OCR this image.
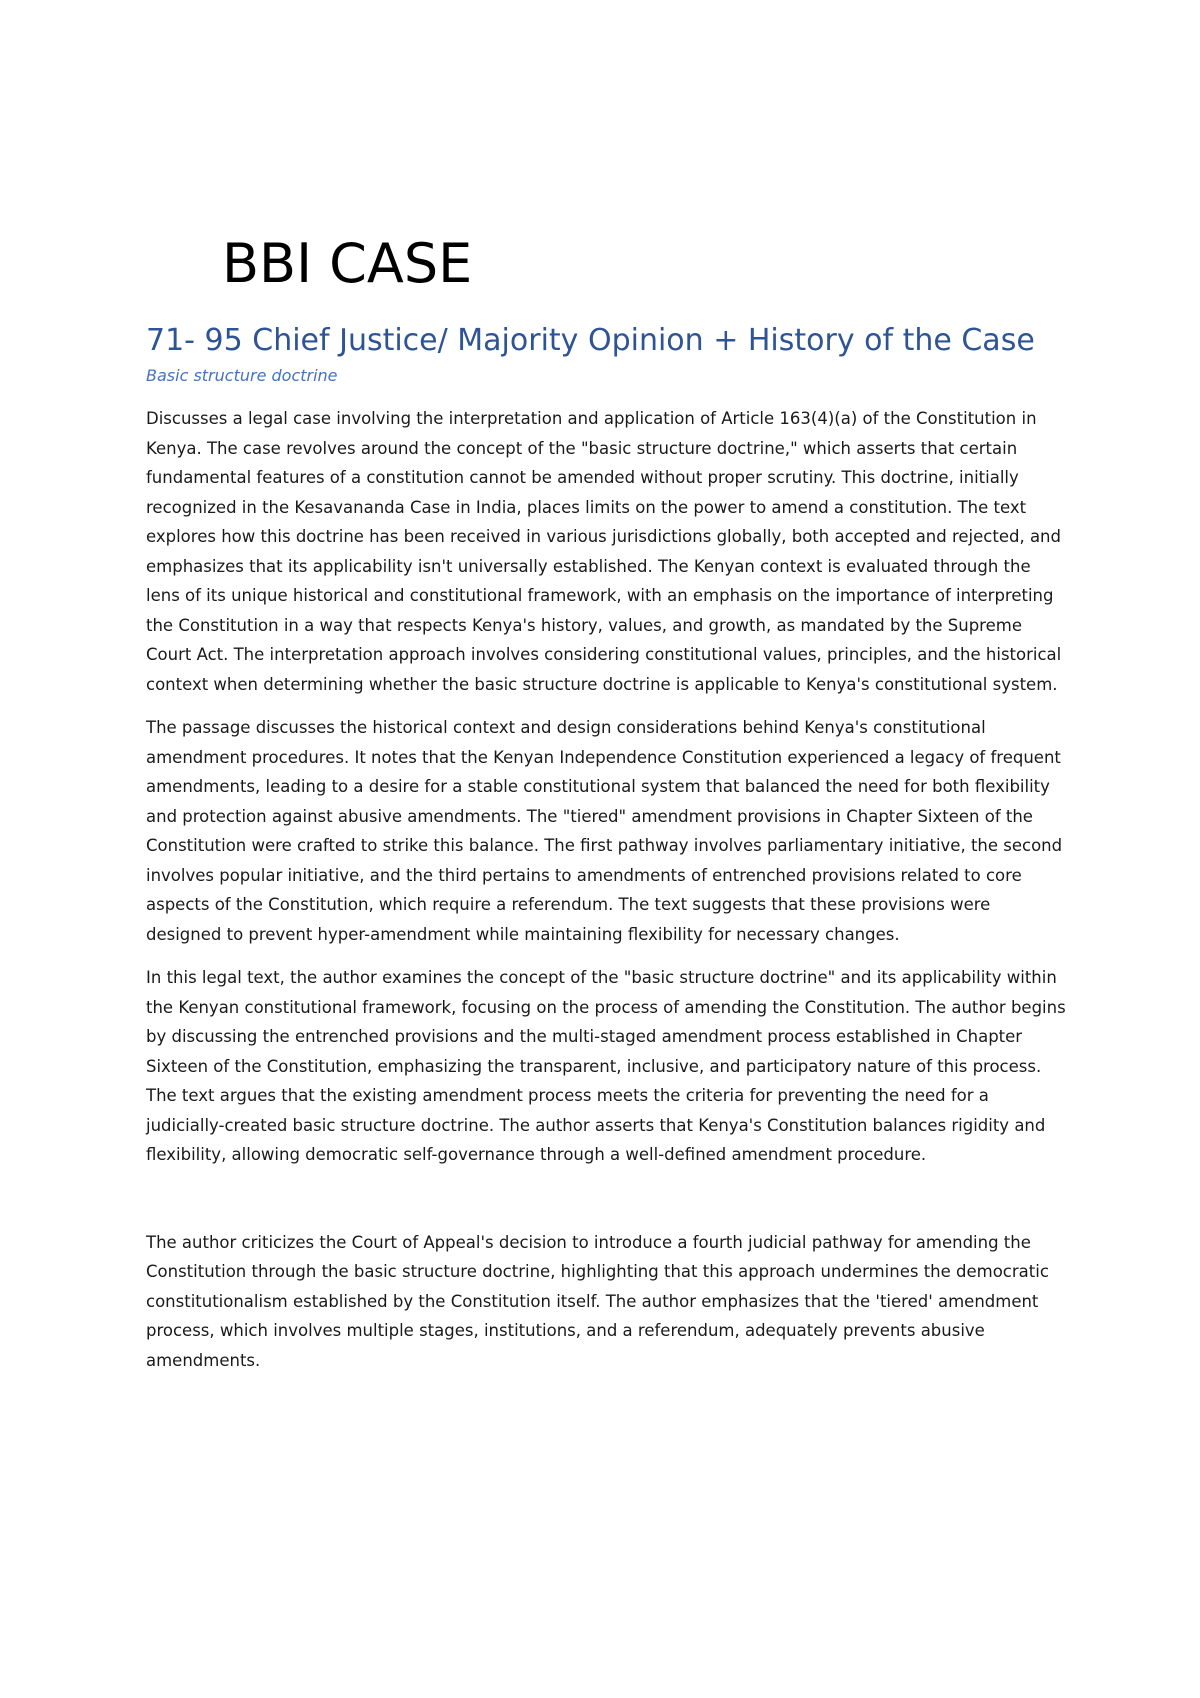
BBI CASE
71- 95 Chief Justice/ Majority Opinion + History of the Case

Basic structure doctrine

Discusses a legal case involving the interpretation and application of Article 163(4)(a) of the Constitution in Kenya. The case revolves around the concept of the "basic structure doctrine," which asserts that certain fundamental features of a constitution cannot be amended without proper scrutiny. This doctrine, initially recognized in the Kesavananda Case in India, places limits on the power to amend a constitution. The text explores how this doctrine has been received in various jurisdictions globally, both accepted and rejected, and emphasizes that its applicability isn't universally established. The Kenyan context is evaluated through the lens of its unique historical and constitutional framework, with an emphasis on the importance of interpreting the Constitution in a way that respects Kenya's history, values, and growth, as mandated by the Supreme Court Act. The interpretation approach involves considering constitutional values, principles, and the historical context when determining whether the basic structure doctrine is applicable to Kenya's constitutional system.

The passage discusses the historical context and design considerations behind Kenya's constitutional amendment procedures. It notes that the Kenyan Independence Constitution experienced a legacy of frequent amendments, leading to a desire for a stable constitutional system that balanced the need for both flexibility and protection against abusive amendments. The "tiered" amendment provisions in Chapter Sixteen of the Constitution were crafted to strike this balance. The first pathway involves parliamentary initiative, the second involves popular initiative, and the third pertains to amendments of entrenched provisions related to core aspects of the Constitution, which require a referendum. The text suggests that these provisions were designed to prevent hyper-amendment while maintaining flexibility for necessary changes.

In this legal text, the author examines the concept of the "basic structure doctrine" and its applicability within the Kenyan constitutional framework, focusing on the process of amending the Constitution. The author begins by discussing the entrenched provisions and the multi-staged amendment process established in Chapter Sixteen of the Constitution, emphasizing the transparent, inclusive, and participatory nature of this process. The text argues that the existing amendment process meets the criteria for preventing the need for a judicially-created basic structure doctrine. The author asserts that Kenya's Constitution balances rigidity and flexibility, allowing democratic self-governance through a well-defined amendment procedure.

The author criticizes the Court of Appeal's decision to introduce a fourth judicial pathway for amending the Constitution through the basic structure doctrine, highlighting that this approach undermines the democratic constitutionalism established by the Constitution itself. The author emphasizes that the 'tiered' amendment process, which involves multiple stages, institutions, and a referendum, adequately prevents abusive amendments.
